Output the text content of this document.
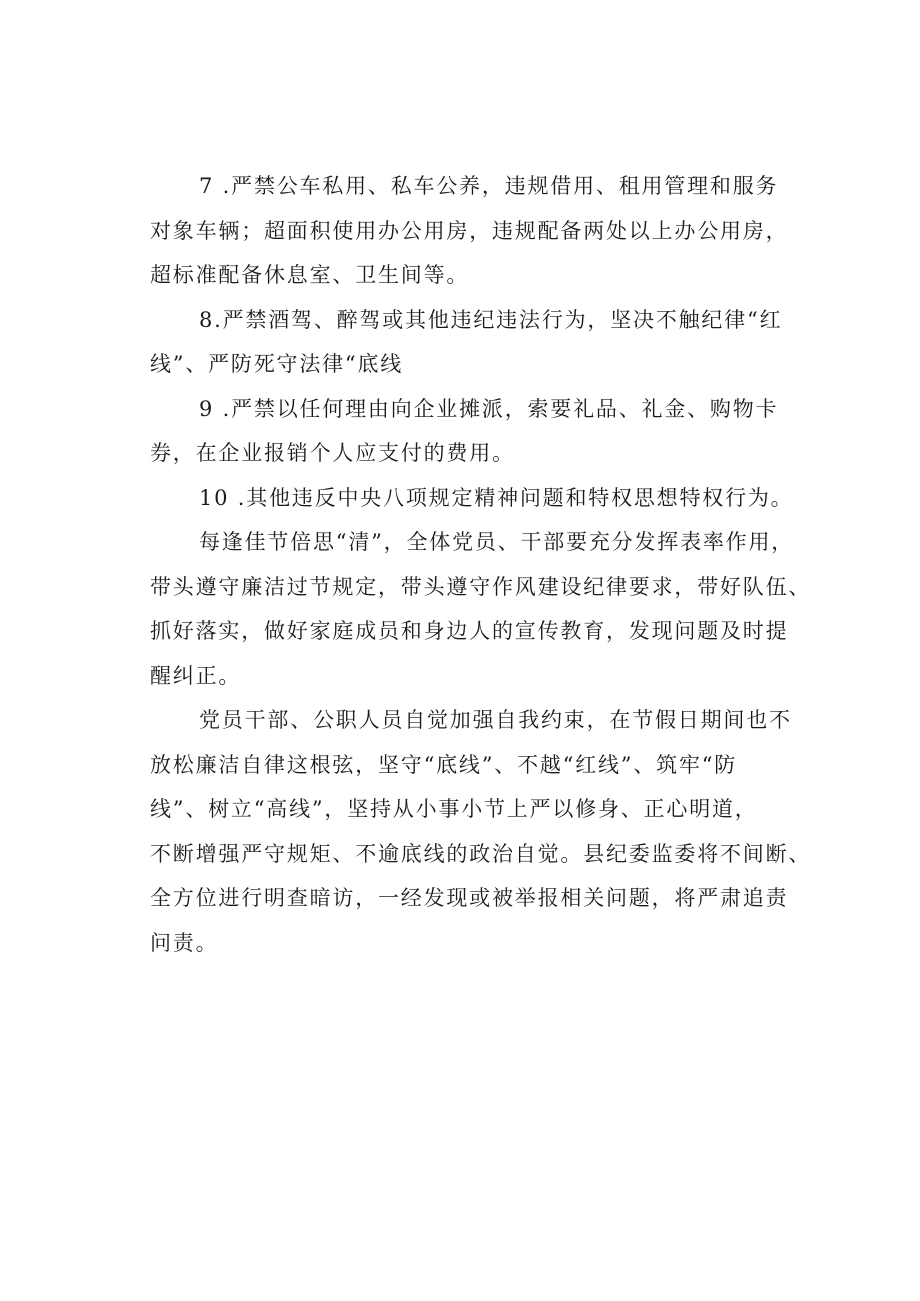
7 .严禁公车私用、私车公养，违规借用、租用管理和服务
对象车辆；超面积使用办公用房，违规配备两处以上办公用房，
超标准配备休息室、卫生间等。
8.严禁酒驾、醉驾或其他违纪违法行为，坚决不触纪律“红
线”、严防死守法律“底线
9 .严禁以任何理由向企业摊派，索要礼品、礼金、购物卡
券，在企业报销个人应支付的费用。
10 .其他违反中央八项规定精神问题和特权思想特权行为。
每逢佳节倍思“清”，全体党员、干部要充分发挥表率作用，
带头遵守廉洁过节规定，带头遵守作风建设纪律要求，带好队伍、
抓好落实，做好家庭成员和身边人的宣传教育，发现问题及时提
醒纠正。
党员干部、公职人员自觉加强自我约束，在节假日期间也不
放松廉洁自律这根弦，坚守“底线”、不越“红线”、筑牢“防
线”、树立“高线”，坚持从小事小节上严以修身、正心明道，
不断增强严守规矩、不逾底线的政治自觉。县纪委监委将不间断、
全方位进行明查暗访，一经发现或被举报相关问题，将严肃追责
问责。
